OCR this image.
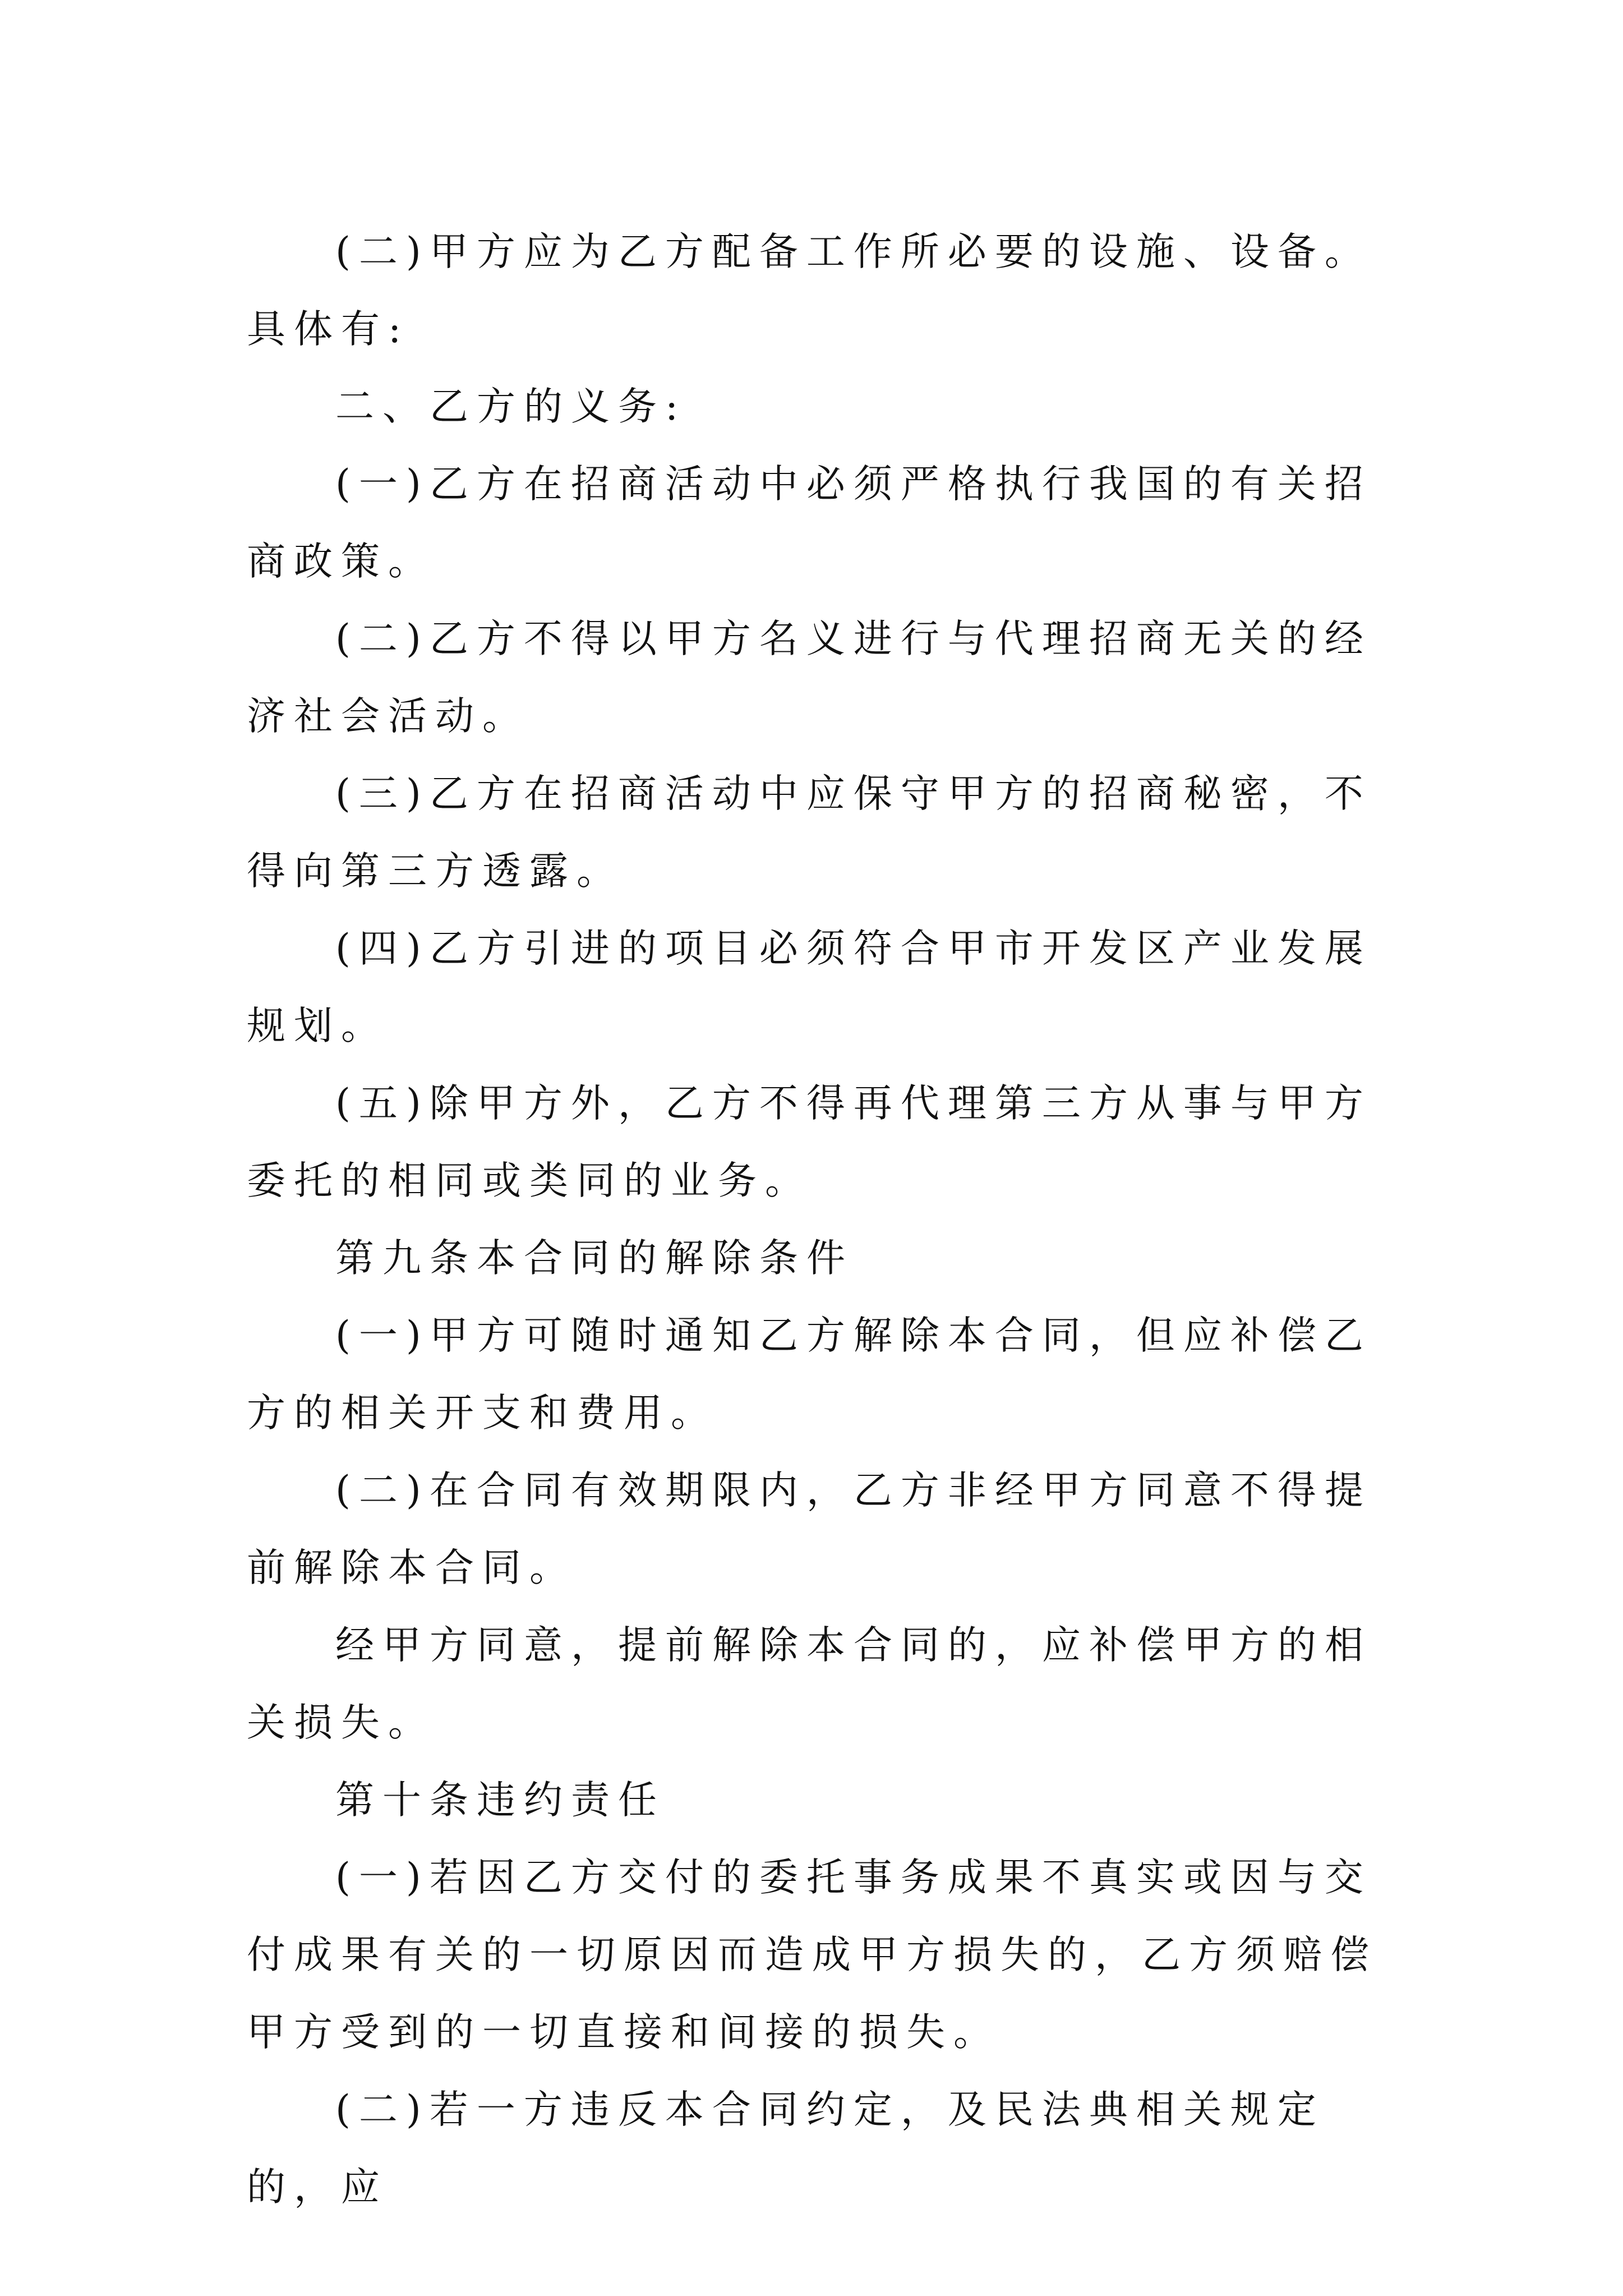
(二)甲方应为乙方配备工作所必要的设施、设备。具体有:

二、乙方的义务:

(一)乙方在招商活动中必须严格执行我国的有关招商政策。

(二)乙方不得以甲方名义进行与代理招商无关的经济社会活动。

(三)乙方在招商活动中应保守甲方的招商秘密，不得向第三方透露。

(四)乙方引进的项目必须符合甲市开发区产业发展规划。

(五)除甲方外，乙方不得再代理第三方从事与甲方委托的相同或类同的业务。

第九条本合同的解除条件

(一)甲方可随时通知乙方解除本合同，但应补偿乙方的相关开支和费用。

(二)在合同有效期限内，乙方非经甲方同意不得提前解除本合同。

经甲方同意，提前解除本合同的，应补偿甲方的相关损失。

第十条违约责任

(一)若因乙方交付的委托事务成果不真实或因与交付成果有关的一切原因而造成甲方损失的，乙方须赔偿甲方受到的一切直接和间接的损失。

(二)若一方违反本合同约定，及民法典相关规定的，应
